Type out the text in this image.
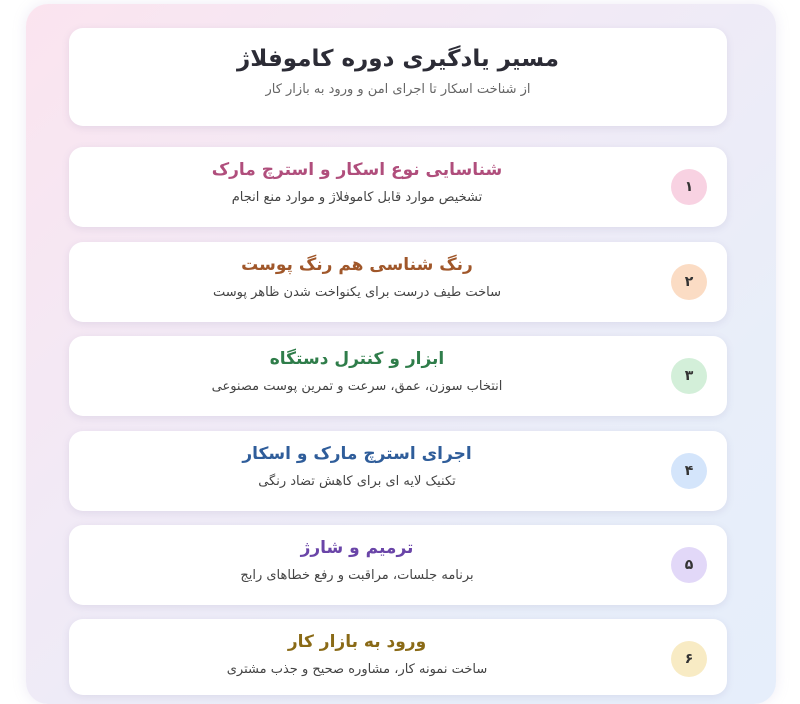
مسیر یادگیری دوره کاموفلاژ
از شناخت اسکار تا اجرای امن و ورود به بازار کار
۱
شناسایی نوع اسکار و استرچ مارک
تشخیص موارد قابل کاموفلاژ و موارد منع انجام
۲
رنگ شناسی هم رنگ پوست
ساخت طیف درست برای یکنواخت شدن ظاهر پوست
۳
ابزار و کنترل دستگاه
انتخاب سوزن، عمق، سرعت و تمرین پوست مصنوعی
۴
اجرای استرچ مارک و اسکار
تکنیک لایه ای برای کاهش تضاد رنگی
۵
ترمیم و شارژ
برنامه جلسات، مراقبت و رفع خطاهای رایج
۶
ورود به بازار کار
ساخت نمونه کار، مشاوره صحیح و جذب مشتری
